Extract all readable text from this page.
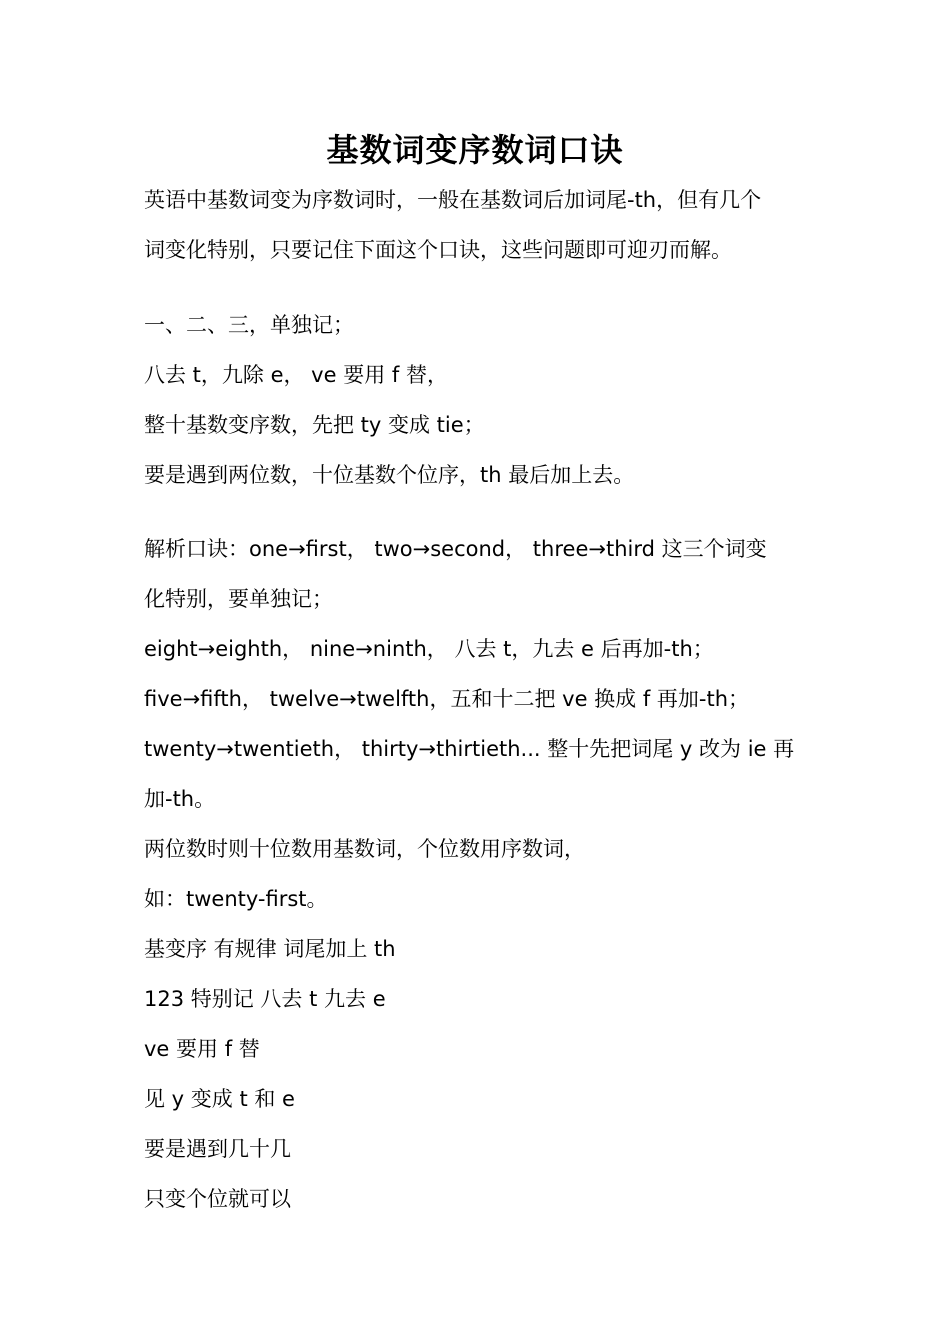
基数词变序数词口诀
英语中基数词变为序数词时，一般在基数词后加词尾-th，但有几个
词变化特别，只要记住下面这个口诀，这些问题即可迎刃而解。
一、二、三，单独记；
八去 t，九除 e， ve 要用 f 替，
整十基数变序数，先把 ty 变成 tie；
要是遇到两位数，十位基数个位序，th 最后加上去。
解析口诀：one→first， two→second， three→third 这三个词变
化特别，要单独记；
eight→eighth， nine→ninth， 八去 t，九去 e 后再加-th；
five→fifth， twelve→twelfth，五和十二把 ve 换成 f 再加-th；
twenty→twentieth， thirty→thirtieth... 整十先把词尾 y 改为 ie 再
加-th。
两位数时则十位数用基数词，个位数用序数词，
如：twenty-first。
基变序 有规律 词尾加上 th
123 特别记 八去 t 九去 e
ve 要用 f 替
见 y 变成 t 和 e
要是遇到几十几
只变个位就可以
